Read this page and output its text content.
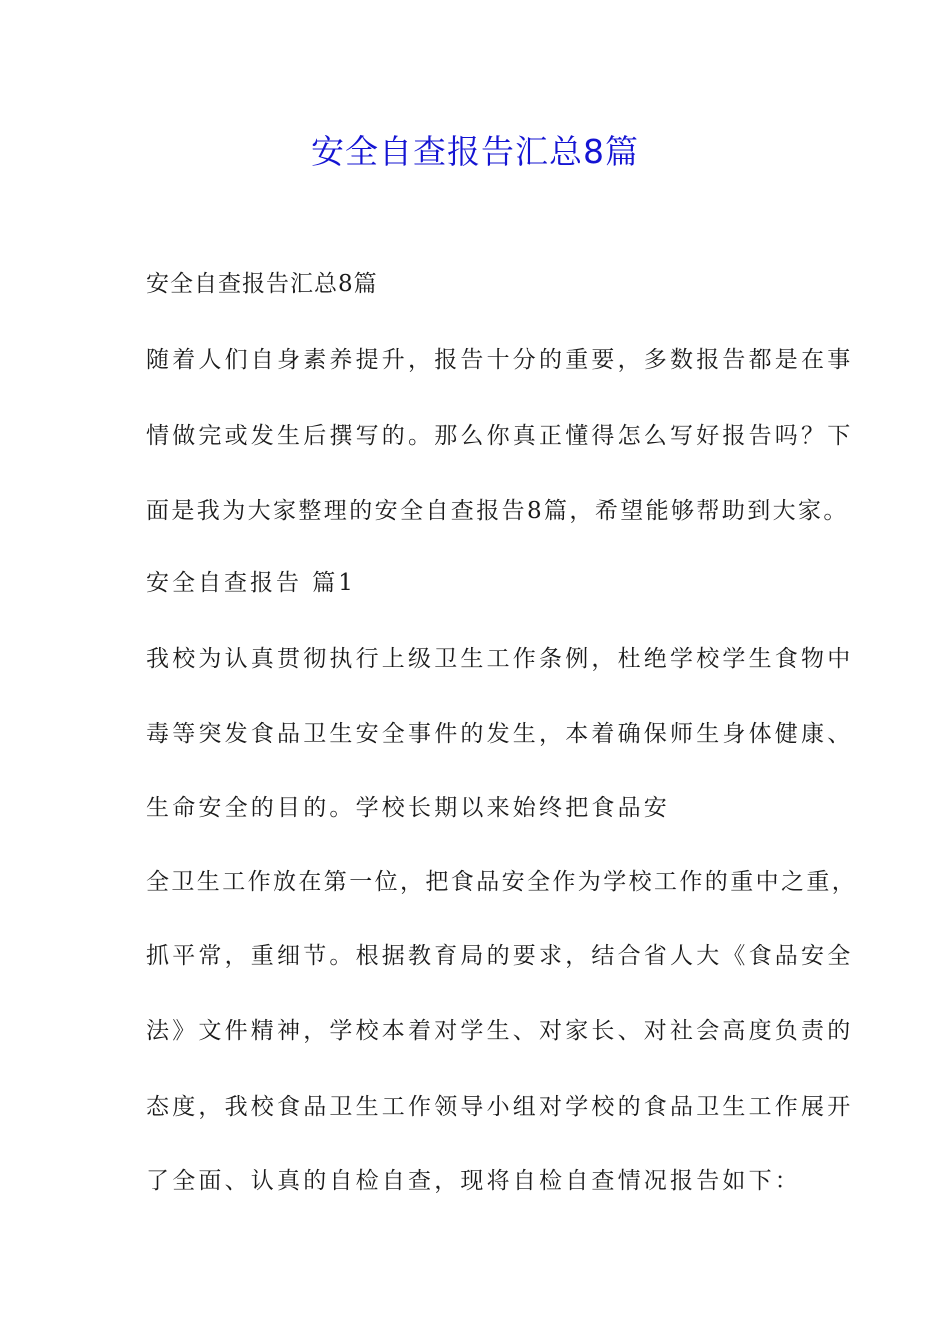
安全自查报告汇总8篇
安全自查报告汇总8篇
随着人们自身素养提升，报告十分的重要，多数报告都是在事
情做完或发生后撰写的。那么你真正懂得怎么写好报告吗？下
面是我为大家整理的安全自查报告8篇，希望能够帮助到大家。
安全自查报告 篇1
我校为认真贯彻执行上级卫生工作条例，杜绝学校学生食物中
毒等突发食品卫生安全事件的发生，本着确保师生身体健康、
生命安全的目的。学校长期以来始终把食品安
全卫生工作放在第一位，把食品安全作为学校工作的重中之重，
抓平常，重细节。根据教育局的要求，结合省人大《食品安全
法》文件精神，学校本着对学生、对家长、对社会高度负责的
态度，我校食品卫生工作领导小组对学校的食品卫生工作展开
了全面、认真的自检自查，现将自检自查情况报告如下：
